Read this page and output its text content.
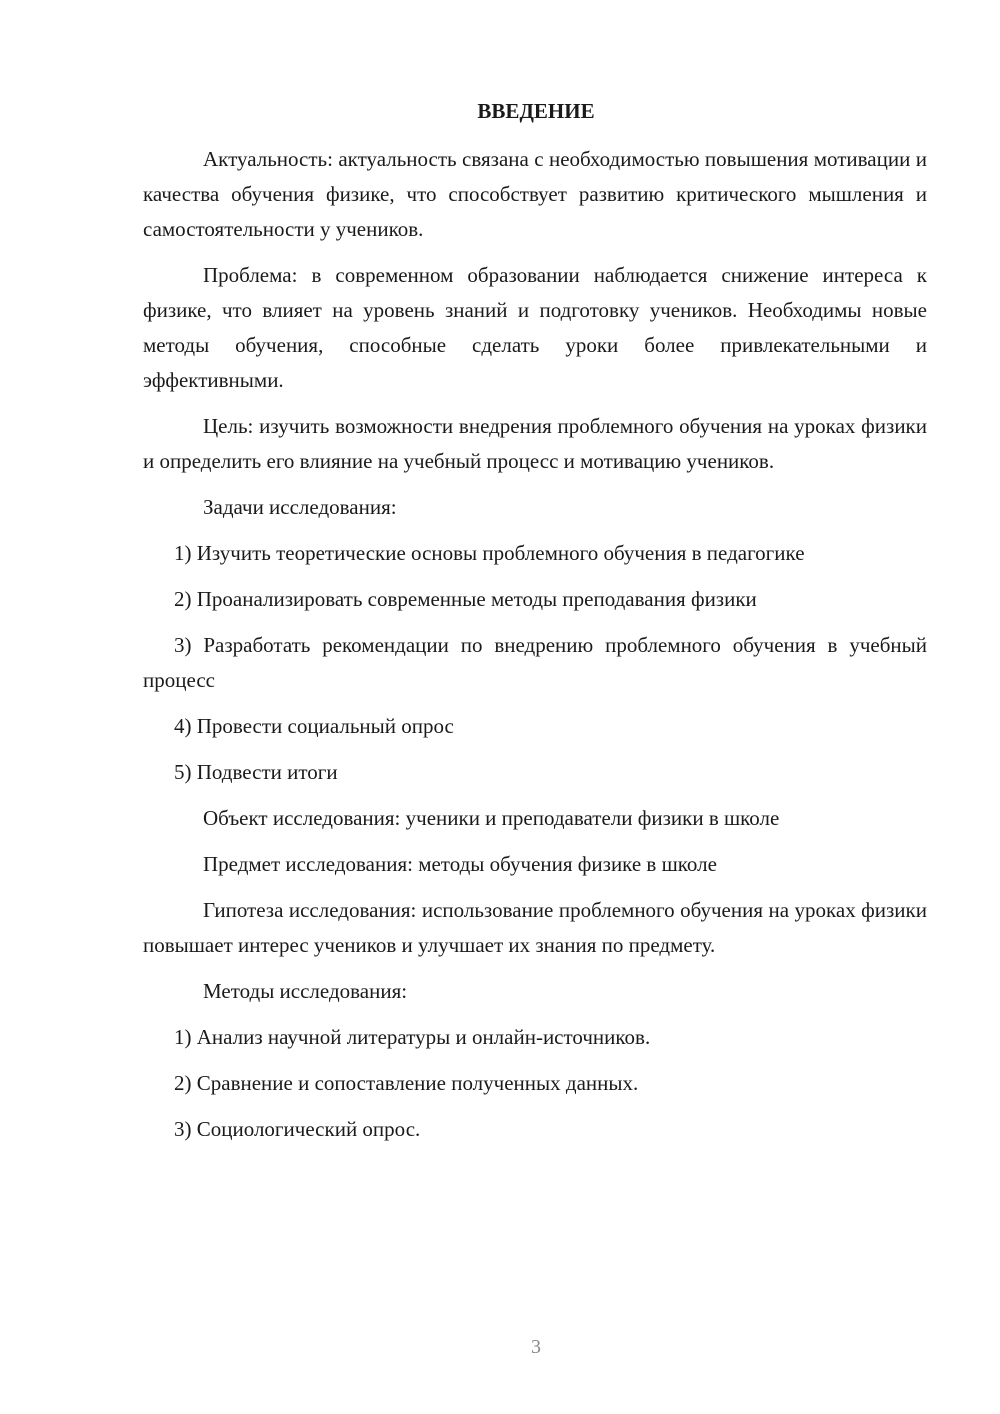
ВВЕДЕНИЕ

Актуальность: актуальность связана с необходимостью повышения мотивации и качества обучения физике, что способствует развитию критического мышления и самостоятельности у учеников.

Проблема: в современном образовании наблюдается снижение интереса к физике, что влияет на уровень знаний и подготовку учеников. Необходимы новые методы обучения, способные сделать уроки более привлекательными и эффективными.

Цель: изучить возможности внедрения проблемного обучения на уроках физики и определить его влияние на учебный процесс и мотивацию учеников.

Задачи исследования:

1) Изучить теоретические основы проблемного обучения в педагогике

2) Проанализировать современные методы преподавания физики

3) Разработать рекомендации по внедрению проблемного обучения в учебный процесс

4) Провести социальный опрос

5) Подвести итоги

Объект исследования: ученики и преподаватели физики в школе

Предмет исследования: методы обучения физике в школе

Гипотеза исследования: использование проблемного обучения на уроках физики повышает интерес учеников и улучшает их знания по предмету.

Методы исследования:

1) Анализ научной литературы и онлайн-источников.

2) Сравнение и сопоставление полученных данных.

3) Социологический опрос.

3
